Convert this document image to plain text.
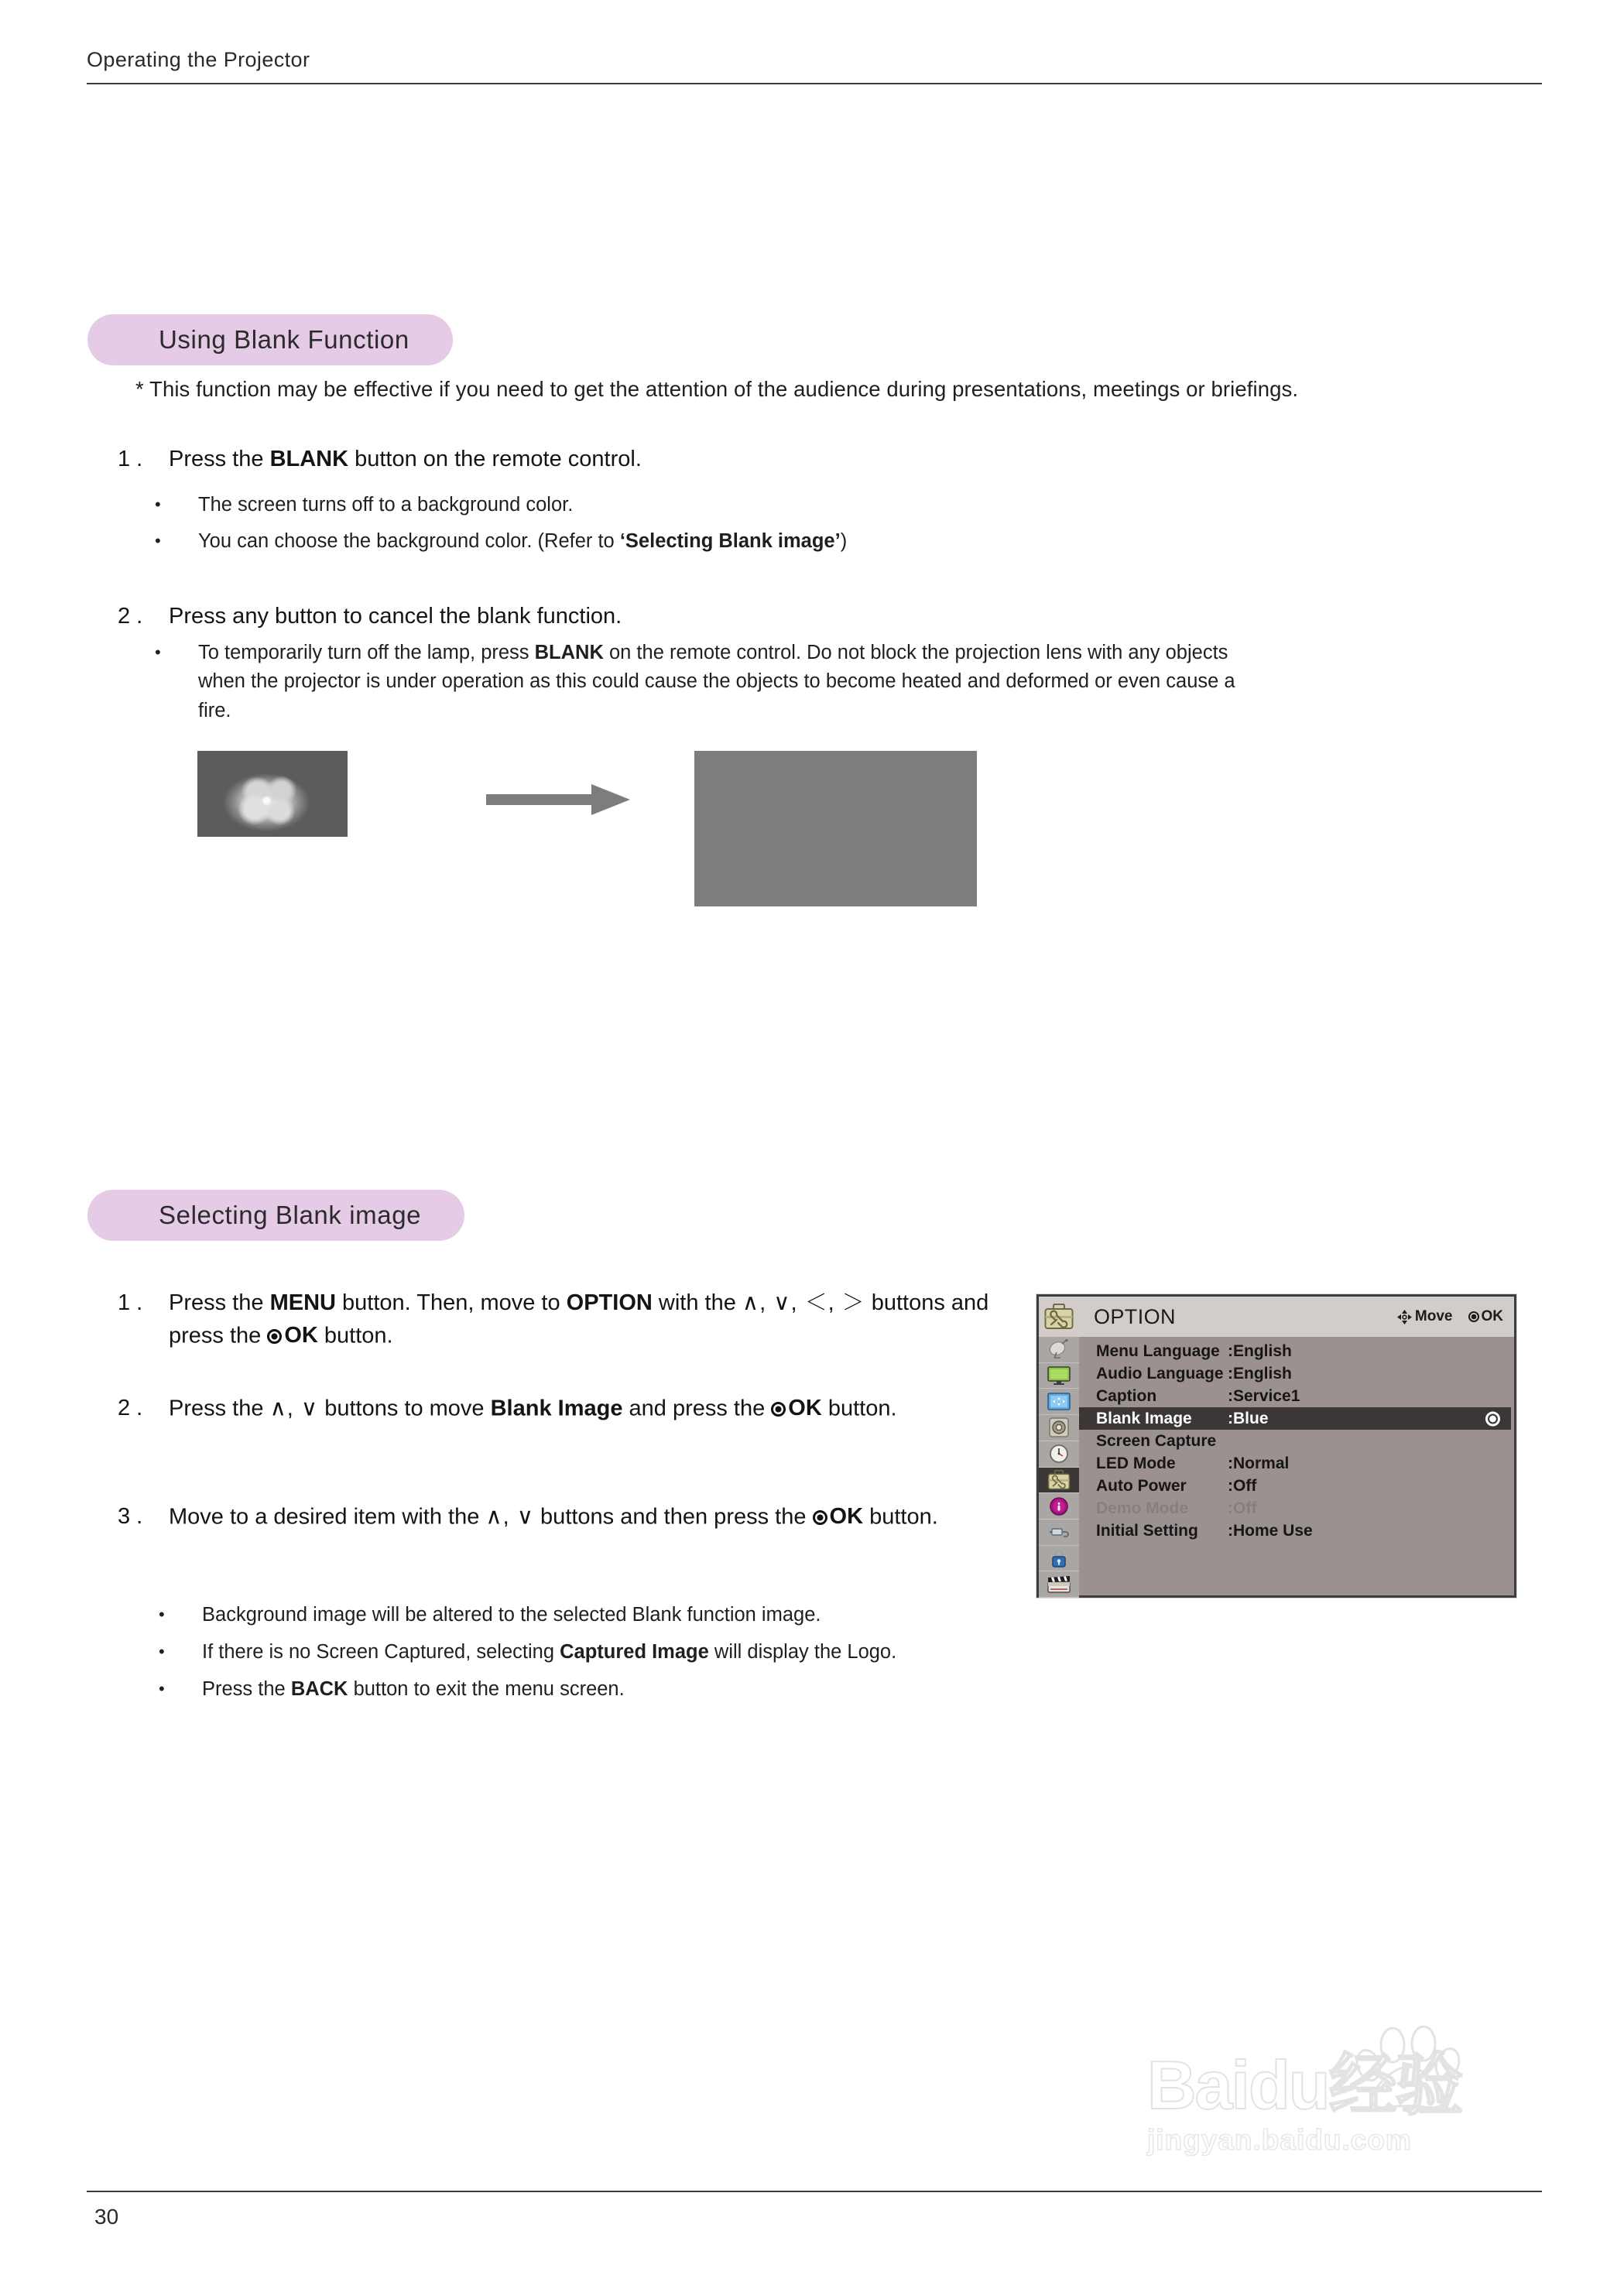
Operating the Projector
Using Blank Function
* This function may be effective if you need to get the attention of the audience during presentations, meetings or briefings.
1 .	Press the BLANK button on the remote control.
•	The screen turns off to a background color.
•	You can choose the background color. (Refer to ‘Selecting Blank image’)
2 .	Press any button to cancel the blank function.
•	To temporarily turn off the lamp, press BLANK on the remote control. Do not block the projection lens with any objects when the projector is under operation as this could cause the objects to become heated and deformed or even cause a fire.
Selecting Blank image
1 .	Press the MENU button. Then, move to OPTION with the ∧, ∨, ＜, ＞ buttons and press the OK button.
2 .	Press the ∧, ∨ buttons to move Blank Image and press the OK button.
3 .	Move to a desired item with the ∧, ∨ buttons and then press the OK button.
•	Background image will be altered to the selected Blank function image.
•	If there is no Screen Captured, selecting Captured Image will display the Logo.
•	Press the BACK button to exit the menu screen.
OPTION	Move OK
Menu Language :English
Audio Language :English
Caption	:Service1
Blank Image	:Blue
Screen Capture
LED Mode	:Normal
Auto Power	:Off
Demo Mode	:Off
Initial Setting	:Home Use
Baidu经验
jingyan.baidu.com
30
